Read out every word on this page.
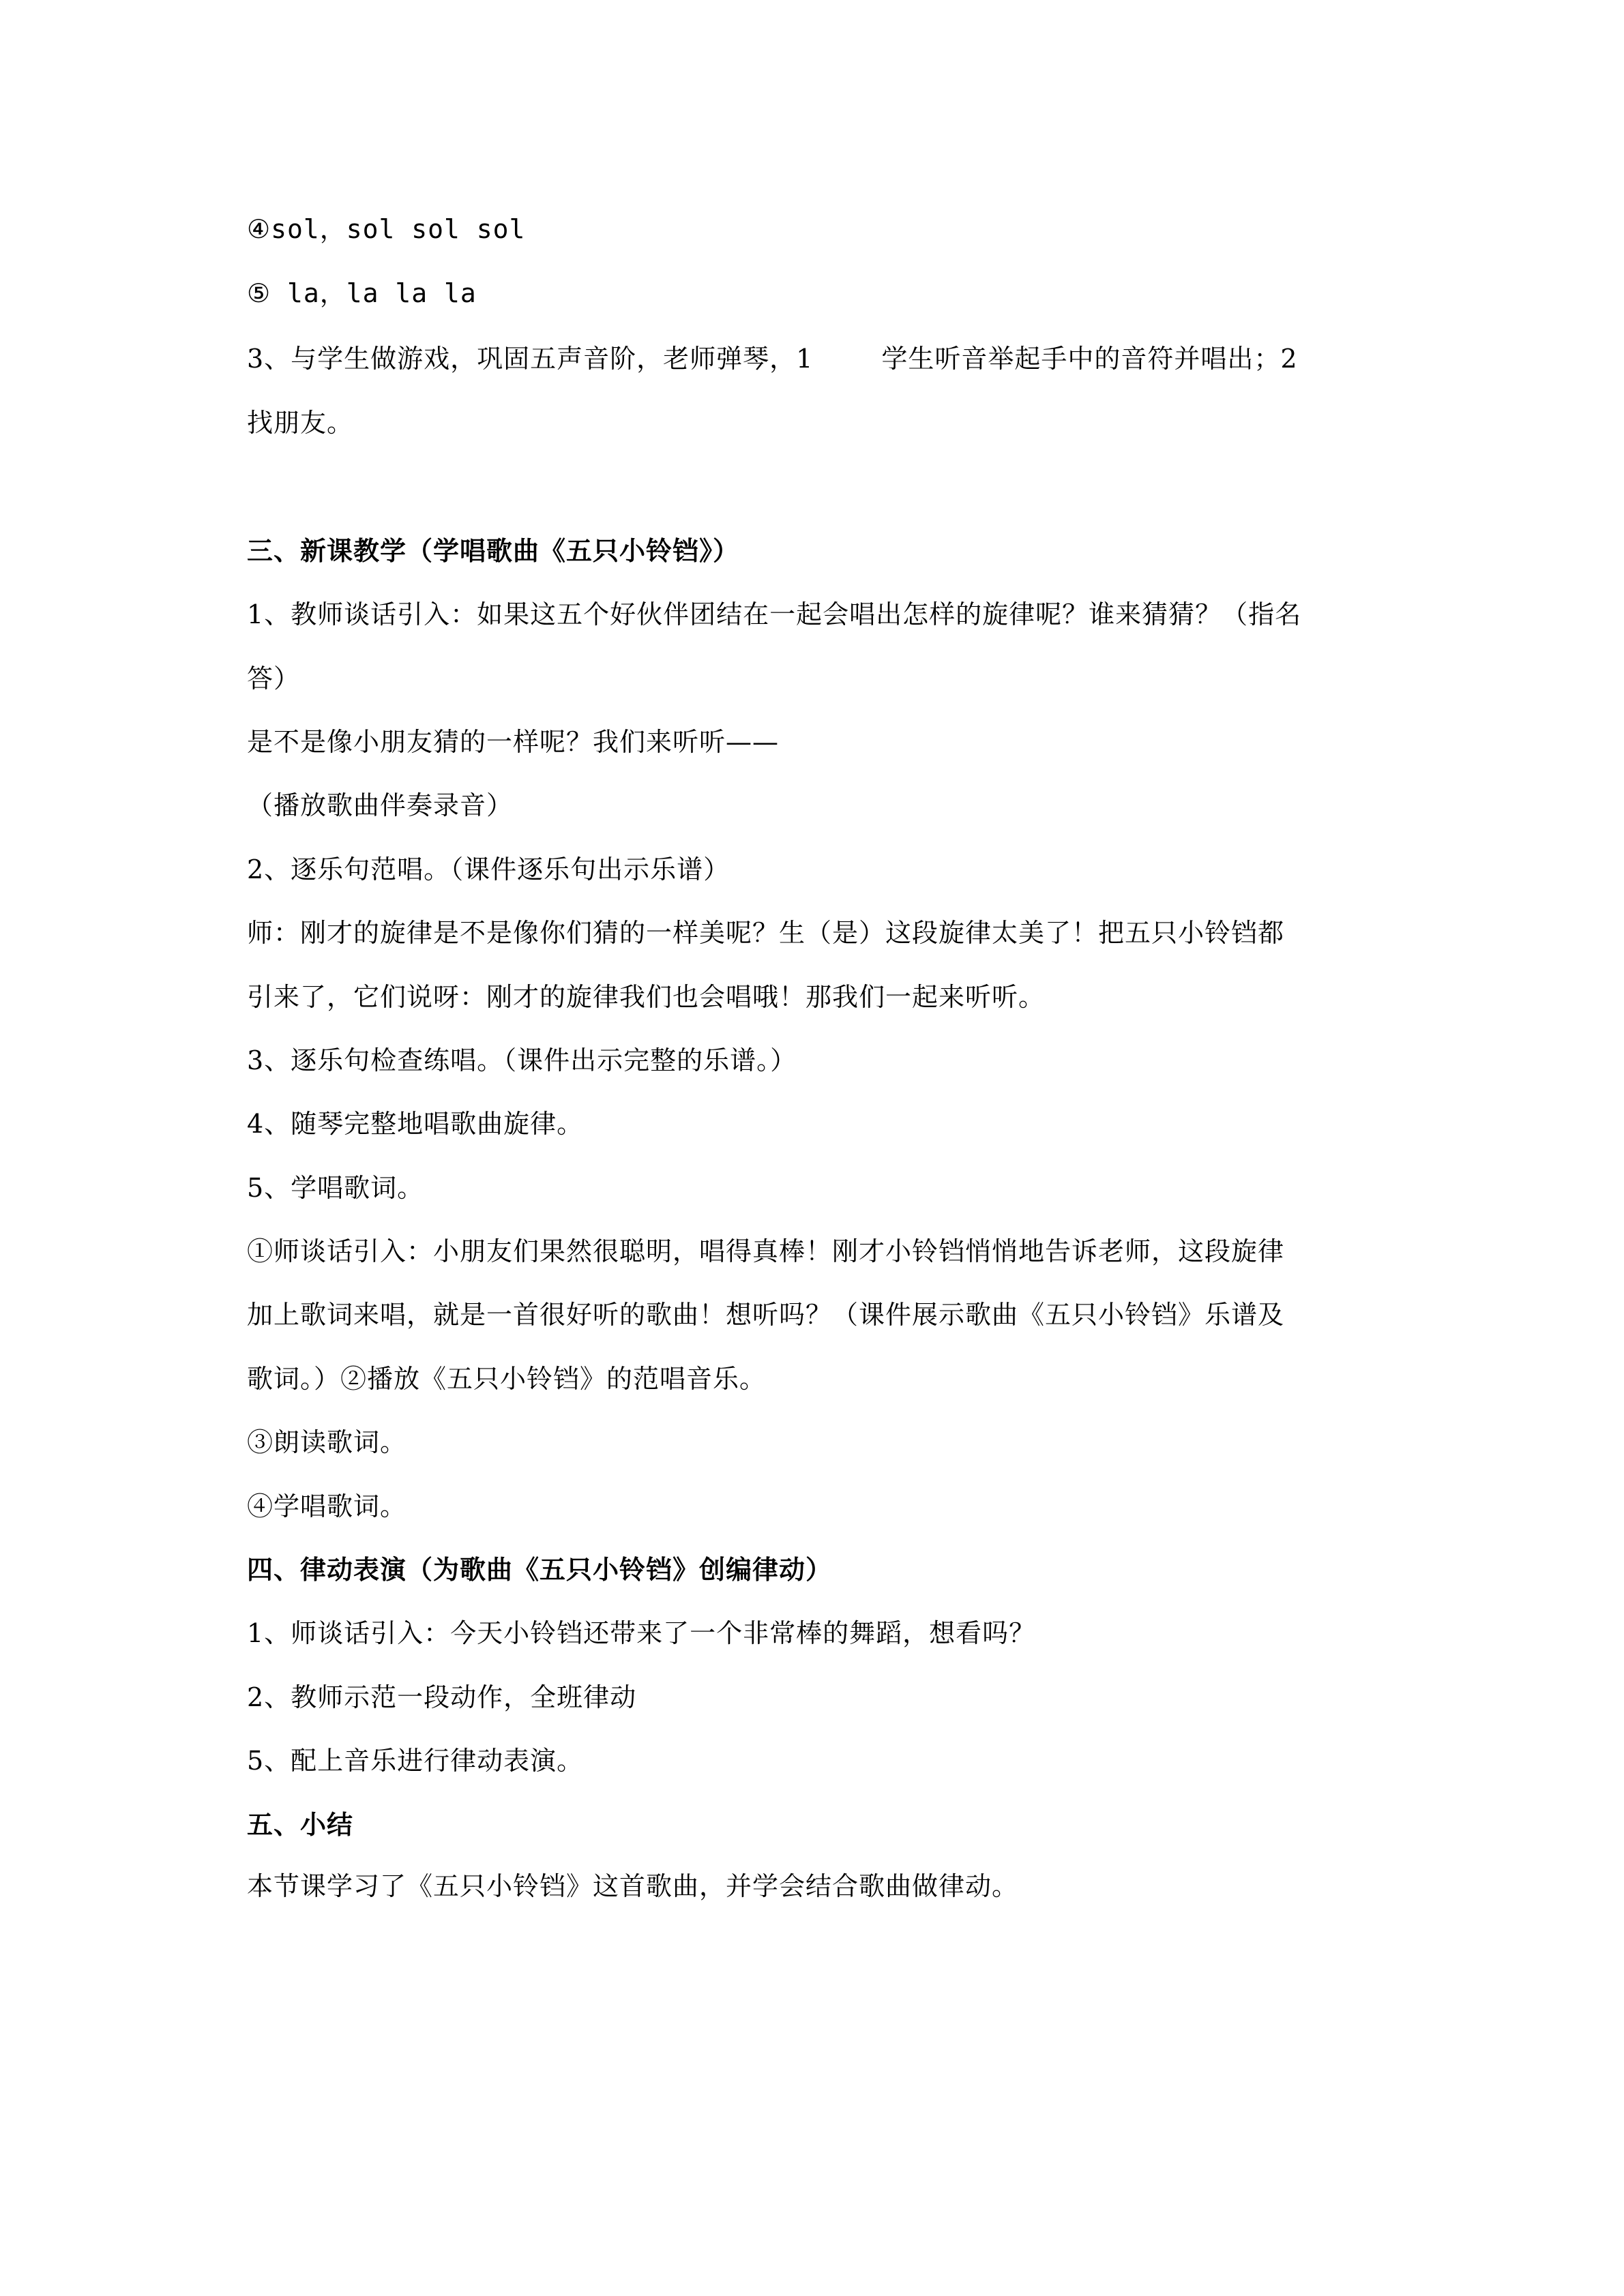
④sol，sol sol sol
⑤ la，la la la
3、与学生做游戏，巩固五声音阶，老师弹琴，1	学生听音举起手中的音符并唱出；2
找朋友。
三、新课教学（学唱歌曲《五只小铃铛》）
1、教师谈话引入：如果这五个好伙伴团结在一起会唱出怎样的旋律呢？谁来猜猜？（指名
答）
是不是像小朋友猜的一样呢？我们来听听——
（播放歌曲伴奏录音）
2、逐乐句范唱。（课件逐乐句出示乐谱）
师：刚才的旋律是不是像你们猜的一样美呢？生（是）这段旋律太美了！把五只小铃铛都
引来了，它们说呀：刚才的旋律我们也会唱哦！那我们一起来听听。
3、逐乐句检查练唱。（课件出示完整的乐谱。）
4、随琴完整地唱歌曲旋律。
5、学唱歌词。
①师谈话引入：小朋友们果然很聪明，唱得真棒！刚才小铃铛悄悄地告诉老师，这段旋律
加上歌词来唱，就是一首很好听的歌曲！想听吗？（课件展示歌曲《五只小铃铛》乐谱及
歌词。）②播放《五只小铃铛》的范唱音乐。
③朗读歌词。
④学唱歌词。
四、律动表演（为歌曲《五只小铃铛》创编律动）
1、师谈话引入：今天小铃铛还带来了一个非常棒的舞蹈，想看吗？
2、教师示范一段动作，全班律动
5、配上音乐进行律动表演。
五、小结
本节课学习了《五只小铃铛》这首歌曲，并学会结合歌曲做律动。
